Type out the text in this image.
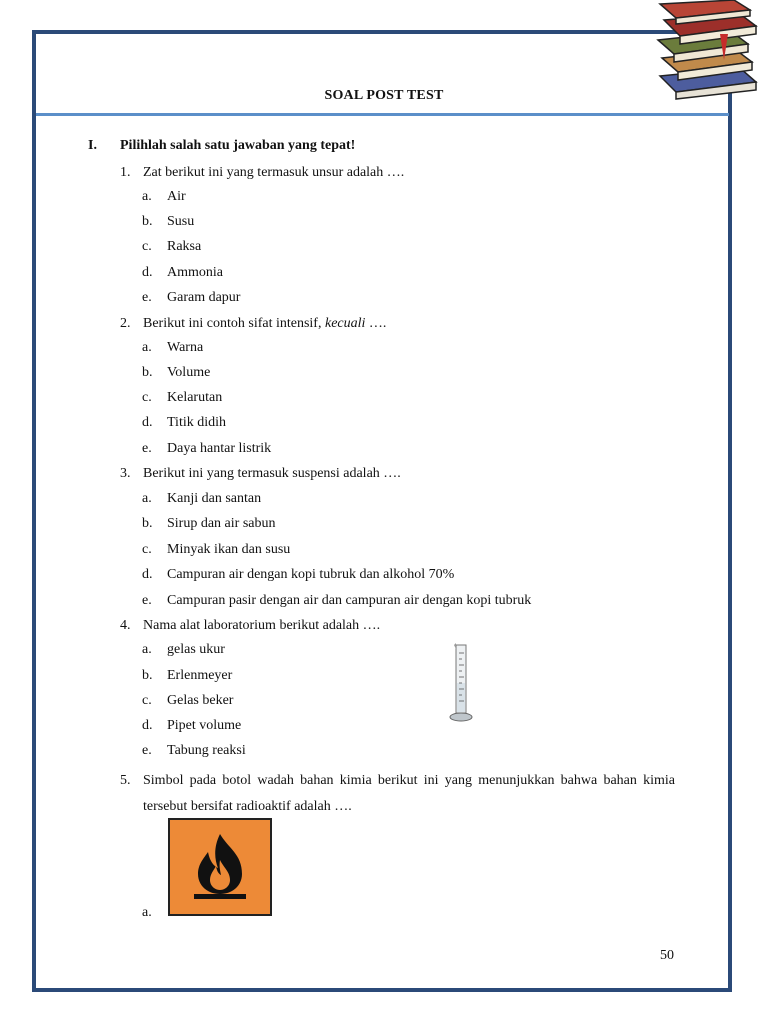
SOAL POST TEST
I. Pilihlah salah satu jawaban yang tepat!
1. Zat berikut ini yang termasuk unsur adalah ….
a. Air
b. Susu
c. Raksa
d. Ammonia
e. Garam dapur
2. Berikut ini contoh sifat intensif, kecuali ….
a. Warna
b. Volume
c. Kelarutan
d. Titik didih
e. Daya hantar listrik
3. Berikut ini yang termasuk suspensi adalah ….
a. Kanji dan santan
b. Sirup dan air sabun
c. Minyak ikan dan susu
d. Campuran air dengan kopi tubruk dan alkohol 70%
e. Campuran pasir dengan air dan campuran air dengan kopi tubruk
4. Nama alat laboratorium berikut adalah ….
a. gelas ukur
b. Erlenmeyer
c. Gelas beker
d. Pipet volume
e. Tabung reaksi
5. Simbol pada botol wadah bahan kimia berikut ini yang menunjukkan bahwa bahan kimia tersebut bersifat radioaktif adalah ….
a.
50
